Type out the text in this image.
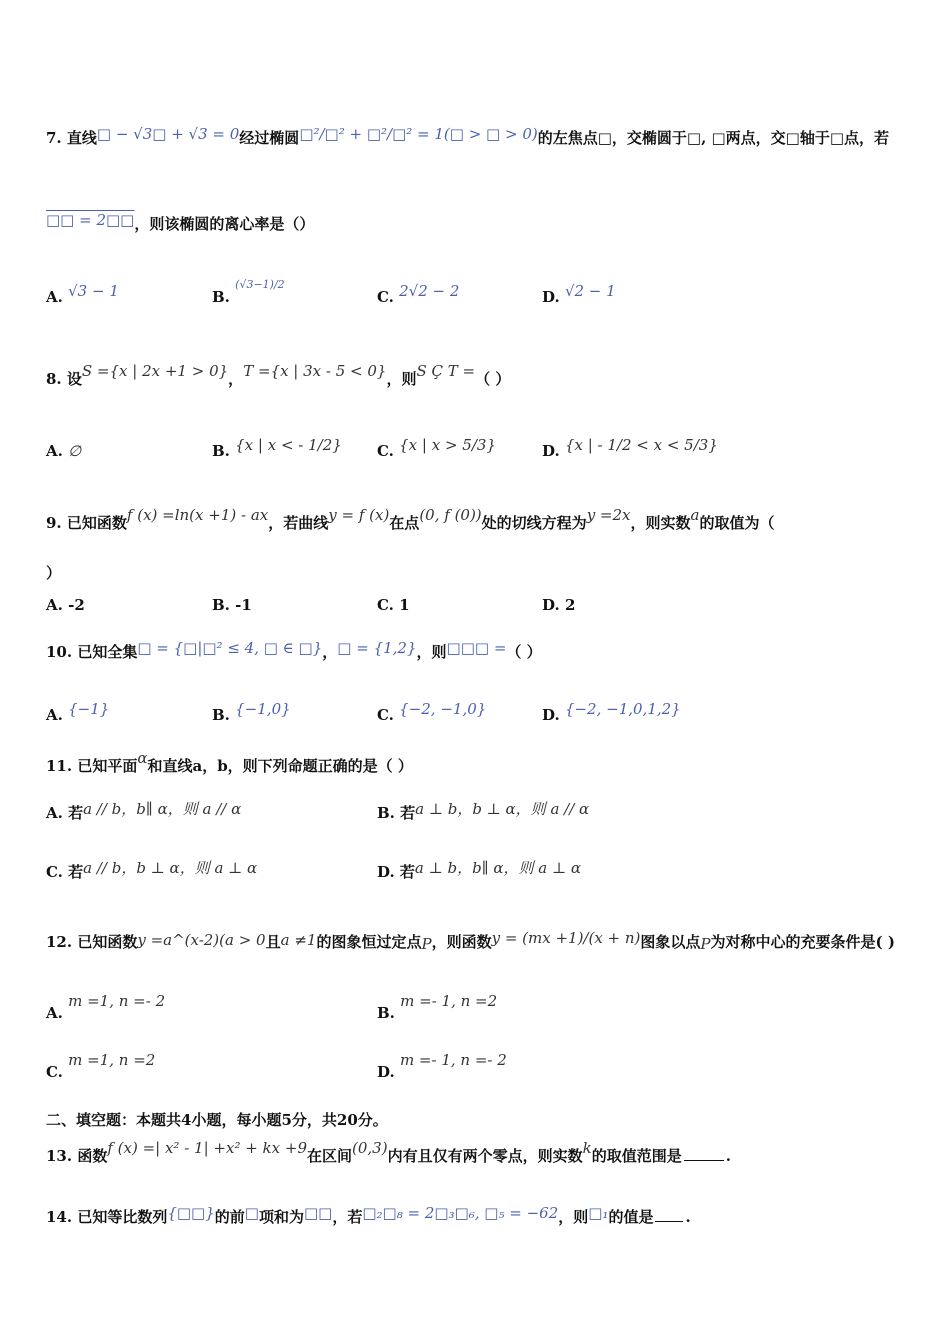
7. 直线□ − √3□ + √3 = 0经过椭圆□²/□² + □²/□² = 1(□ > □ > 0)的左焦点□，交椭圆于□, □两点，交□轴于□点，若
□□ = 2□□，则该椭圆的离心率是（）
A. √3 − 1	B. $^{(√3-1)/2}$
C. 2√2 − 2	D. √2 − 1
8. 设S ={x | 2x +1 > 0}，T ={x | 3x - 5 < 0}，则S Ç T =（ ）
A. ∅	B. {x | x < - 1/2} C. {x | x > 5/3}	D. {x | - 1/2 < x < 5/3}
9. 已知函数f (x) =ln(x +1) - ax，若曲线y = f (x)在点(0, f (0))处的切线方程为y =2x，则实数a的取值为（
）
A. -2	B. -1	C. 1	D. 2
10. 已知全集□ = {□|□² ≤ 4, □ ∈ □}，□ = {1,2}，则□□□ =（ ）
A. {−1}	B. {−1,0}	C. {−2, −1,0}	D. {−2, −1,0,1,2}
11. 已知平面α和直线a，b，则下列命题正确的是（ ）
A. 若a // b，b∥ α，则 a // α	B. 若a ⊥ b，b ⊥ α，则 a // α
C. 若a // b，b ⊥ α，则 a ⊥ α	D. 若a ⊥ b，b∥ α，则 a ⊥ α
12. 已知函数y =a^(x-2)(a > 0且a ≠1的图象恒过定点P，则函数y = (mx +1)/(x + n)图象以点P为对称中心的充要条件是( )
A. m =1, n =- 2
B. m =- 1, n =2
C. m =1, n =2
D. m =- 1, n =- 2
二、填空题：本题共4小题，每小题5分，共20分。
13. 函数f (x) =| x² - 1| +x² + kx +9在区间(0,3)内有且仅有两个零点，则实数k的取值范围是	.
14. 已知等比数列{□□}的前□项和为□□，若□₂□₈ = 2□₃□₆, □₅ = −62，则□₁的值是 .
